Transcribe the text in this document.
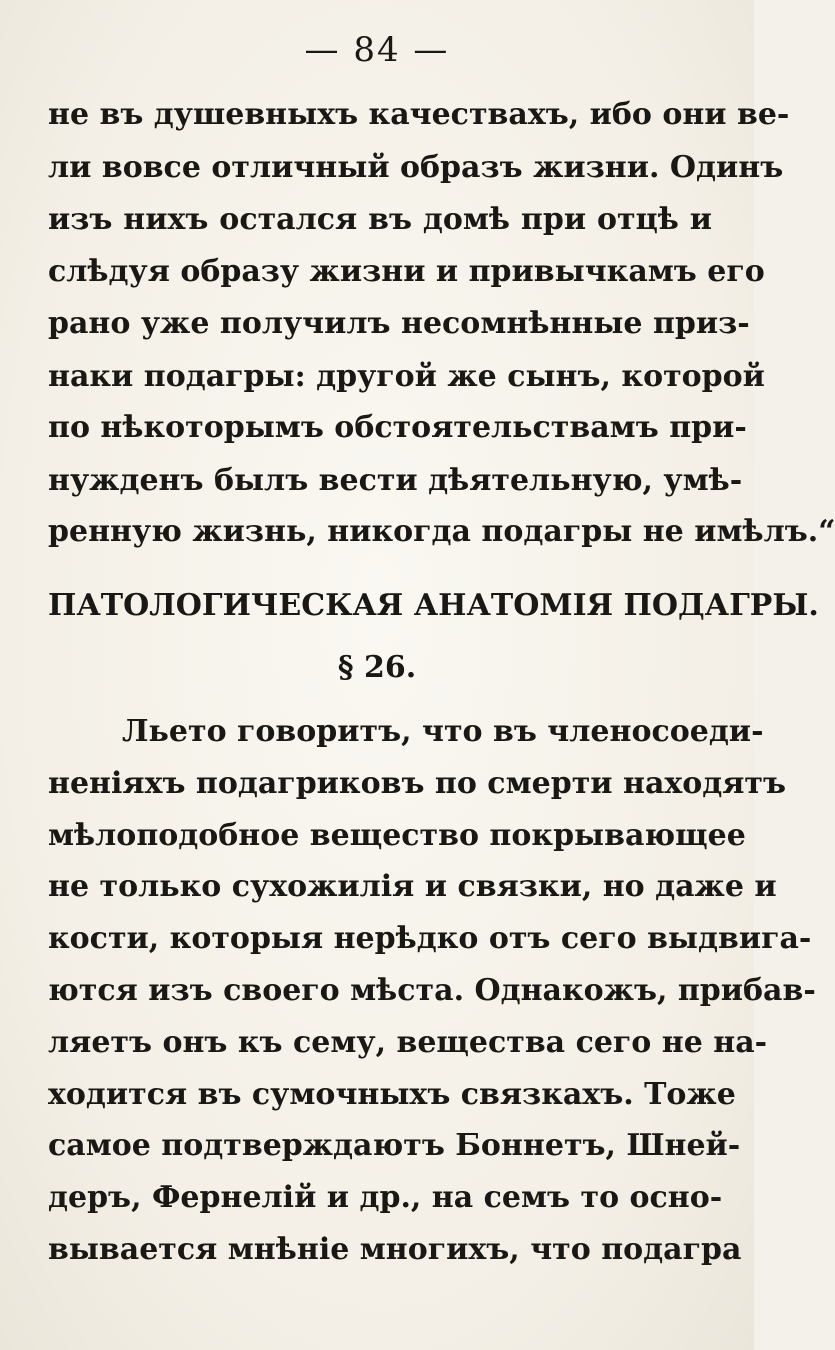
— 84 —
не въ душевныхъ качествахъ, ибо они ве-
ли вовсе отличный образъ жизни. Одинъ
изъ нихъ остался въ домѣ при отцѣ и
слѣдуя образу жизни и привычкамъ его
рано уже получилъ несомнѣнные приз-
наки подагры: другой же сынъ, которой
по нѣкоторымъ обстоятельствамъ при-
нужденъ былъ вести дѣятельную, умѣ-
ренную жизнь, никогда подагры не имѣлъ.“
ПАТОЛОГИЧЕСКАЯ АНАТОМІЯ ПОДАГРЫ.
§ 26.
Льето говоритъ, что въ членосоеди-
неніяхъ подагриковъ по смерти находятъ
мѣлоподобное вещество покрывающее
не только сухожилія и связки, но даже и
кости, которыя нерѣдко отъ сего выдвига-
ются изъ своего мѣста. Однакожъ, прибав-
ляетъ онъ къ сему, вещества сего не на-
ходится въ сумочныхъ связкахъ. Тоже
самое подтверждаютъ Боннетъ, Шней-
деръ, Фернелій и др., на семъ то осно-
вывается мнѣніе многихъ, что подагра
